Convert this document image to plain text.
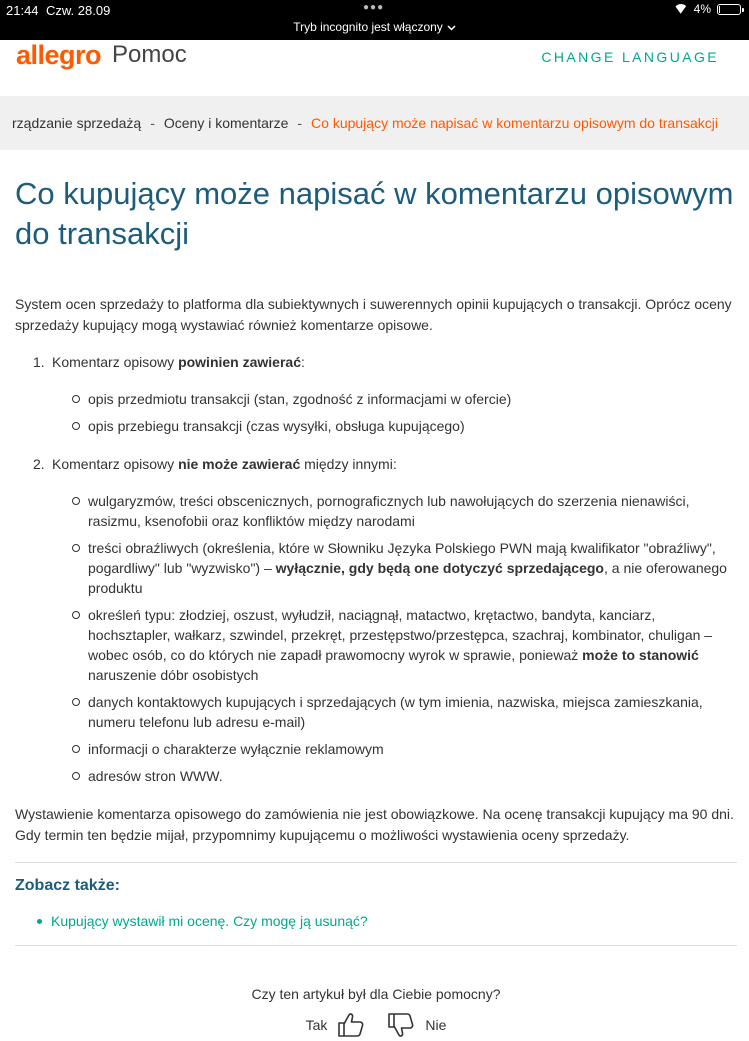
21:44 Czw. 28.09	●●●
Tryb incognito jest włączony
4%
allegro Pomoc	CHANGE LANGUAGE
rządzanie sprzedażą - Oceny i komentarze - Co kupujący może napisać w komentarzu opisowym do transakcji
Co kupujący może napisać w komentarzu opisowym do transakcji

System ocen sprzedaży to platforma dla subiektywnych i suwerennych opinii kupujących o transakcji. Oprócz oceny sprzedaży kupujący mogą wystawiać również komentarze opisowe.

1. Komentarz opisowy powinien zawierać:
opis przedmiotu transakcji (stan, zgodność z informacjami w ofercie)
opis przebiegu transakcji (czas wysyłki, obsługa kupującego)
2. Komentarz opisowy nie może zawierać między innymi:
wulgaryzmów, treści obscenicznych, pornograficznych lub nawołujących do szerzenia nienawiści, rasizmu, ksenofobii oraz konfliktów między narodami
treści obraźliwych (określenia, które w Słowniku Języka Polskiego PWN mają kwalifikator "obraźliwy", pogardliwy" lub "wyzwisko") – wyłącznie, gdy będą one dotyczyć sprzedającego, a nie oferowanego produktu
określeń typu: złodziej, oszust, wyłudził, naciągnął, matactwo, krętactwo, bandyta, kanciarz, hochsztapler, wałkarz, szwindel, przekręt, przestępstwo/przestępca, szachraj, kombinator, chuligan – wobec osób, co do których nie zapadł prawomocny wyrok w sprawie, ponieważ może to stanowić naruszenie dóbr osobistych
danych kontaktowych kupujących i sprzedających (w tym imienia, nazwiska, miejsca zamieszkania, numeru telefonu lub adresu e-mail)
informacji o charakterze wyłącznie reklamowym
adresów stron WWW.

Wystawienie komentarza opisowego do zamówienia nie jest obowiązkowe. Na ocenę transakcji kupujący ma 90 dni. Gdy termin ten będzie mijał, przypomnimy kupującemu o możliwości wystawienia oceny sprzedaży.

Zobacz także:
Kupujący wystawił mi ocenę. Czy mogę ją usunąć?

Czy ten artykuł był dla Ciebie pomocny?

Tak	Nie
